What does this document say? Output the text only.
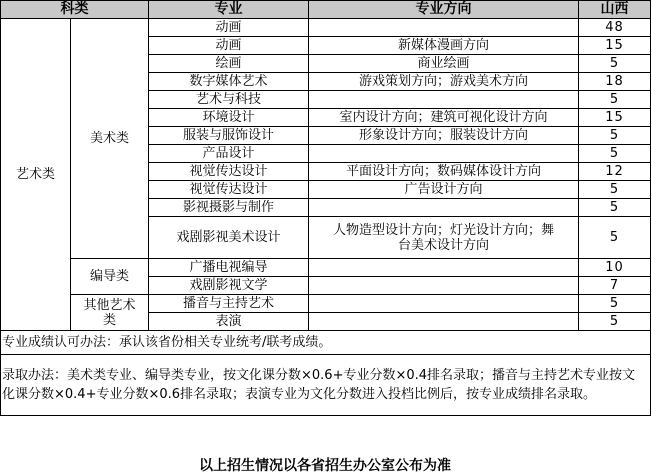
科类		专业	专业方向	山西
艺术类	美术类	动画		48
		动画	新媒体漫画方向	15
		绘画	商业绘画	5
		数字媒体艺术	游戏策划方向；游戏美术方向	18
		艺术与科技		5
		环境设计	室内设计方向；建筑可视化设计方向	15
		服装与服饰设计	形象设计方向；服装设计方向	5
		产品设计		5
		视觉传达设计	平面设计方向；数码媒体设计方向	12
		视觉传达设计	广告设计方向	5
		影视摄影与制作		5
		戏剧影视美术设计	人物造型设计方向；灯光设计方向；舞台美术设计方向	5
	编导类	广播电视编导		10
		戏剧影视文学		7
	其他艺术类	播音与主持艺术		5
		表演		5
专业成绩认可办法：承认该省份相关专业统考/联考成绩。				
录取办法：美术类专业、编导类专业，按文化课分数×0.6+专业分数×0.4排名录取；播音与主持艺术专业按文化课分数×0.4+专业分数×0.6排名录取；表演专业为文化分数进入投档比例后，按专业成绩排名录取。				
以上招生情况以各省招生办公室公布为准
